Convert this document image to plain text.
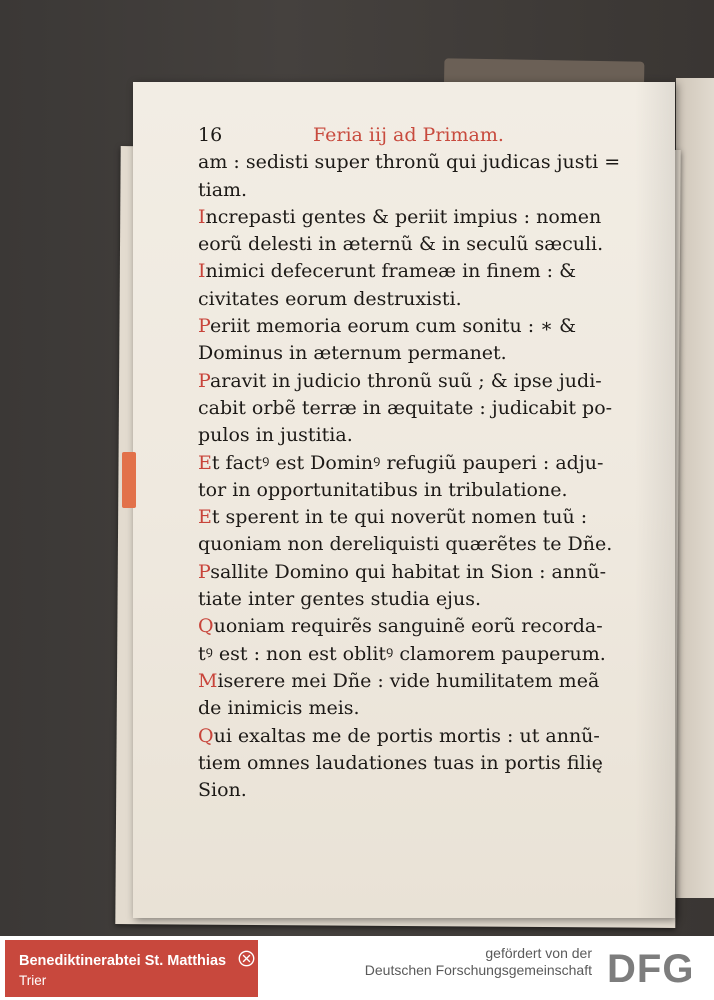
16	Feria iij ad Primam.
am : sedisti super thronũ qui judicas justi =
tiam.
Increpasti gentes & periit impius : nomen
eorũ delesti in æternũ & in seculũ sæculi.
Inimici defecerunt frameæ in finem : &
civitates eorum destruxisti.
Periit memoria eorum cum sonitu : ∗ &
Dominus in æternum permanet.
Paravit in judicio thronũ suũ ; & ipse judi-
cabit orbẽ terræ in æquitate : judicabit po-
pulos in justitia.
Et factꝰ est Dominꝰ refugiũ pauperi : adju-
tor in opportunitatibus in tribulatione.
Et sperent in te qui noverũt nomen tuũ :
quoniam non dereliquisti quærẽtes te Dñe.
Psallite Domino qui habitat in Sion : annũ-
tiate inter gentes studia ejus.
Quoniam requirẽs sanguinẽ eorũ recorda-
tꝰ est : non est oblitꝰ clamorem pauperum.
Miserere mei Dñe : vide humilitatem meã
de inimicis meis.
Qui exaltas me de portis mortis : ut annũ-
tiem omnes laudationes tuas in portis filię
Sion.
Benediktinerabtei St. Matthias
Trier
gefördert von der
Deutschen Forschungsgemeinschaft DFG
